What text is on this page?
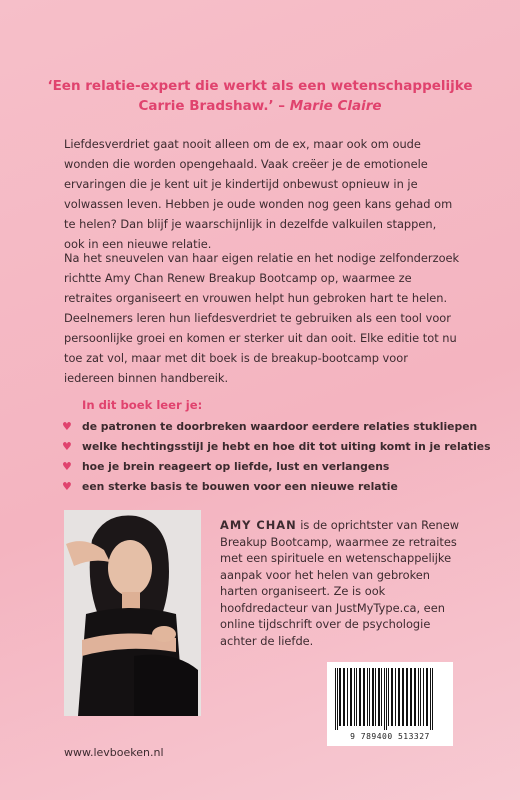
‘Een relatie-expert die werkt als een wetenschappelijke Carrie Bradshaw.’ – Marie Claire

Liefdesverdriet gaat nooit alleen om de ex, maar ook om oude wonden die worden opengehaald. Vaak creëer je de emotionele ervaringen die je kent uit je kindertijd onbewust opnieuw in je volwassen leven. Hebben je oude wonden nog geen kans gehad om te helen? Dan blijf je waarschijnlijk in dezelfde valkuilen stappen, ook in een nieuwe relatie.

Na het sneuvelen van haar eigen relatie en het nodige zelfonderzoek richtte Amy Chan Renew Breakup Bootcamp op, waarmee ze retraites organiseert en vrouwen helpt hun gebroken hart te helen. Deelnemers leren hun liefdesverdriet te gebruiken als een tool voor persoonlijke groei en komen er sterker uit dan ooit. Elke editie tot nu toe zat vol, maar met dit boek is de breakup-bootcamp voor iedereen binnen handbereik.

In dit boek leer je:
♥ de patronen te doorbreken waardoor eerdere relaties stukliepen
♥ welke hechtingsstijl je hebt en hoe dit tot uiting komt in je relaties
♥ hoe je brein reageert op liefde, lust en verlangens
♥ een sterke basis te bouwen voor een nieuwe relatie

AMY CHAN is de oprichtster van Renew Breakup Bootcamp, waarmee ze retraites met een spirituele en wetenschappelijke aanpak voor het helen van gebroken harten organiseert. Ze is ook hoofdredacteur van JustMyType.ca, een online tijdschrift over de psychologie achter de liefde.

9 789400 513327
www.levboeken.nl
